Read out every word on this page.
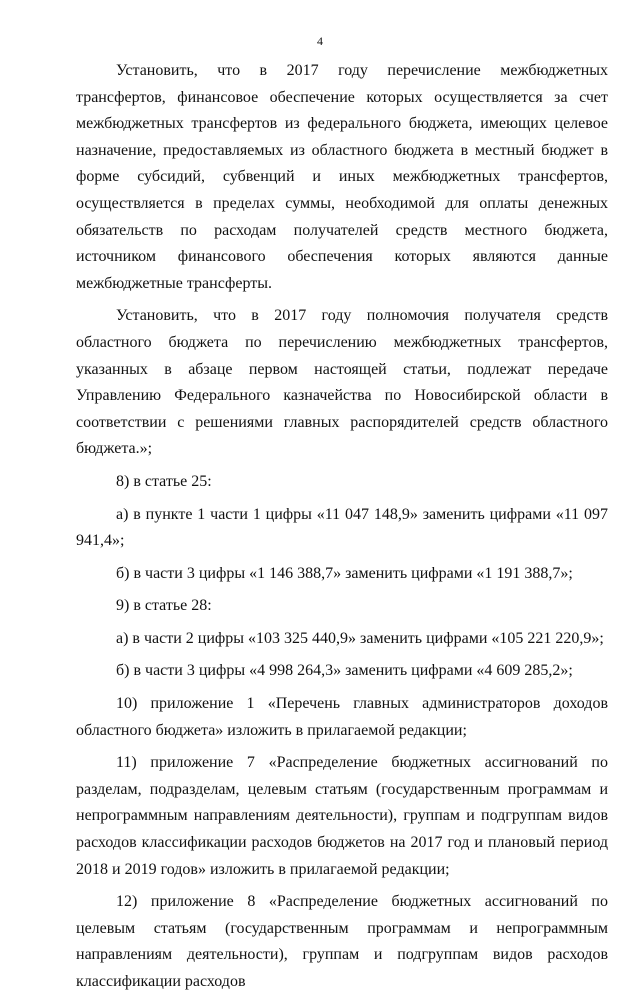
4

Установить, что в 2017 году перечисление межбюджетных трансфертов, финансовое обеспечение которых осуществляется за счет межбюджетных трансфертов из федерального бюджета, имеющих целевое назначение, предоставляемых из областного бюджета в местный бюджет в форме субсидий, субвенций и иных межбюджетных трансфертов, осуществляется в пределах суммы, необходимой для оплаты денежных обязательств по расходам получателей средств местного бюджета, источником финансового обеспечения которых являются данные межбюджетные трансферты.

Установить, что в 2017 году полномочия получателя средств областного бюджета по перечислению межбюджетных трансфертов, указанных в абзаце первом настоящей статьи, подлежат передаче Управлению Федерального казначейства по Новосибирской области в соответствии с решениями главных распорядителей средств областного бюджета.»;

8) в статье 25:

а) в пункте 1 части 1 цифры «11 047 148,9» заменить цифрами «11 097 941,4»;

б) в части 3 цифры «1 146 388,7» заменить цифрами «1 191 388,7»;

9) в статье 28:

а) в части 2 цифры «103 325 440,9» заменить цифрами «105 221 220,9»;

б) в части 3 цифры «4 998 264,3» заменить цифрами «4 609 285,2»;

10) приложение 1 «Перечень главных администраторов доходов областного бюджета» изложить в прилагаемой редакции;

11) приложение 7 «Распределение бюджетных ассигнований по разделам, подразделам, целевым статьям (государственным программам и непрограммным направлениям деятельности), группам и подгруппам видов расходов классификации расходов бюджетов на 2017 год и плановый период 2018 и 2019 годов» изложить в прилагаемой редакции;

12) приложение 8 «Распределение бюджетных ассигнований по целевым статьям (государственным программам и непрограммным направлениям деятельности), группам и подгруппам видов расходов классификации расходов
